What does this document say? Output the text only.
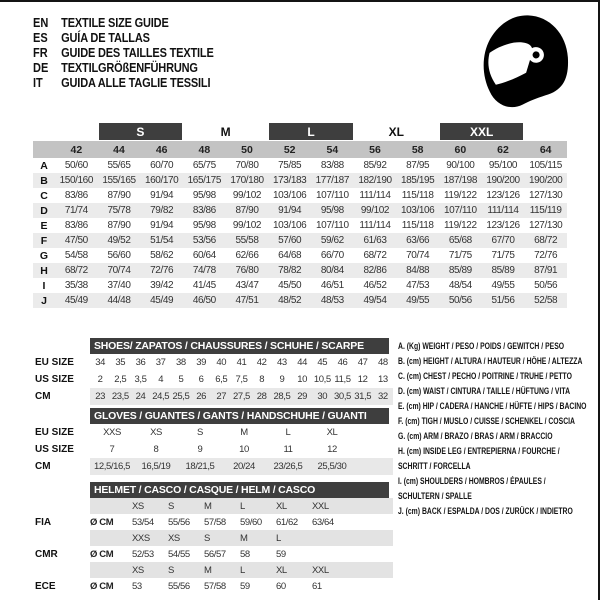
EN	TEXTILE SIZE GUIDE
ES	GUÍA DE TALLAS
FR	GUIDE DES TAILLES TEXTILE
DE	TEXTILGRÖßENFÜHRUNG
IT	GUIDA ALLE TAGLIE TESSILI
S	M	L	XL	XXL
42	44	46	48	50	52	54	56	58	60	62	64
A	50/60	55/65	60/70	65/75	70/80	75/85	83/88	85/92	87/95	90/100	95/100	105/115
B	150/160 155/165 160/170 165/175 170/180 173/183 177/187 182/190 185/195 187/198 190/200 190/200
C	83/86	87/90	91/94	95/98	99/102	103/106 107/110	111/114	115/118	119/122 123/126 127/130
D	71/74	75/78	79/82	83/86	87/90	91/94	95/98	99/102	103/106 107/110	111/114	115/119
E	83/86	87/90	91/94	95/98	99/102	103/106 107/110	111/114	115/118	119/122 123/126 127/130
F	47/50	49/52	51/54	53/56	55/58	57/60	59/62	61/63	63/66	65/68	67/70	68/72
G	54/58	56/60	58/62	60/64	62/66	64/68	66/70	68/72	70/74	71/75	71/75	72/76
H	68/72	70/74	72/76	74/78	76/80	78/82	80/84	82/86	84/88	85/89	85/89	87/91
I	35/38	37/40	39/42	41/45	43/47	45/50	46/51	46/52	47/53	48/54	49/55	50/56
J	45/49	44/48	45/49	46/50	47/51	48/52	48/53	49/54	49/55	50/56	51/56	52/58
SHOES/ ZAPATOS / CHAUSSURES / SCHUHE / SCARPE
EU SIZE	34	35	36	37	38	39	40	41	42	43	44	45	46	47	48
US SIZE	2	2,5 3,5	4	5	6	6,5 7,5	8	9	10 10,5 11,5 12	13
CM	23 23,5 24 24,5 25,5 26	27 27,5 28 28,5 29	30 30,5 31,5 32
GLOVES / GUANTES / GANTS / HANDSCHUHE / GUANTI
EU SIZE	XXS	XS	S	M	L	XL
US SIZE	7	8	9	10	11	12
CM	12,5/16,5	16,5/19	18/21,5	20/24	23/26,5	25,5/30
HELMET / CASCO / CASQUE / HELM / CASCO
XS	S	M	L	XL	XXL
FIA	Ø CM	53/54	55/56	57/58	59/60	61/62	63/64
XXS	XS	S	M	L
CMR	Ø CM	52/53	54/55	56/57	58	59
XS	S	M	L	XL	XXL
ECE	Ø CM	53	55/56	57/58	59	60	61
A. (Kg) WEIGHT / PESO / POIDS / GEWITCH / PESO
B. (cm) HEIGHT / ALTURA / HAUTEUR / HÖHE / ALTEZZA
C. (cm) CHEST / PECHO / POITRINE / TRUHE / PETTO
D. (cm) WAIST / CINTURA / TAILLE / HÜFTUNG / VITA
E. (cm) HIP / CADERA / HANCHE / HÜFTE / HIPS / BACINO
F. (cm) TIGH / MUSLO / CUISSE / SCHENKEL / COSCIA
G. (cm) ARM / BRAZO / BRAS / ARM / BRACCIO
H. (cm) INSIDE LEG / ENTREPIERNA / FOURCHE /
SCHRITT / FORCELLA
I. (cm) SHOULDERS / HOMBROS / ÉPAULES /
SCHULTERN / SPALLE
J. (cm) BACK / ESPALDA / DOS / ZURÜCK / INDIETRO
